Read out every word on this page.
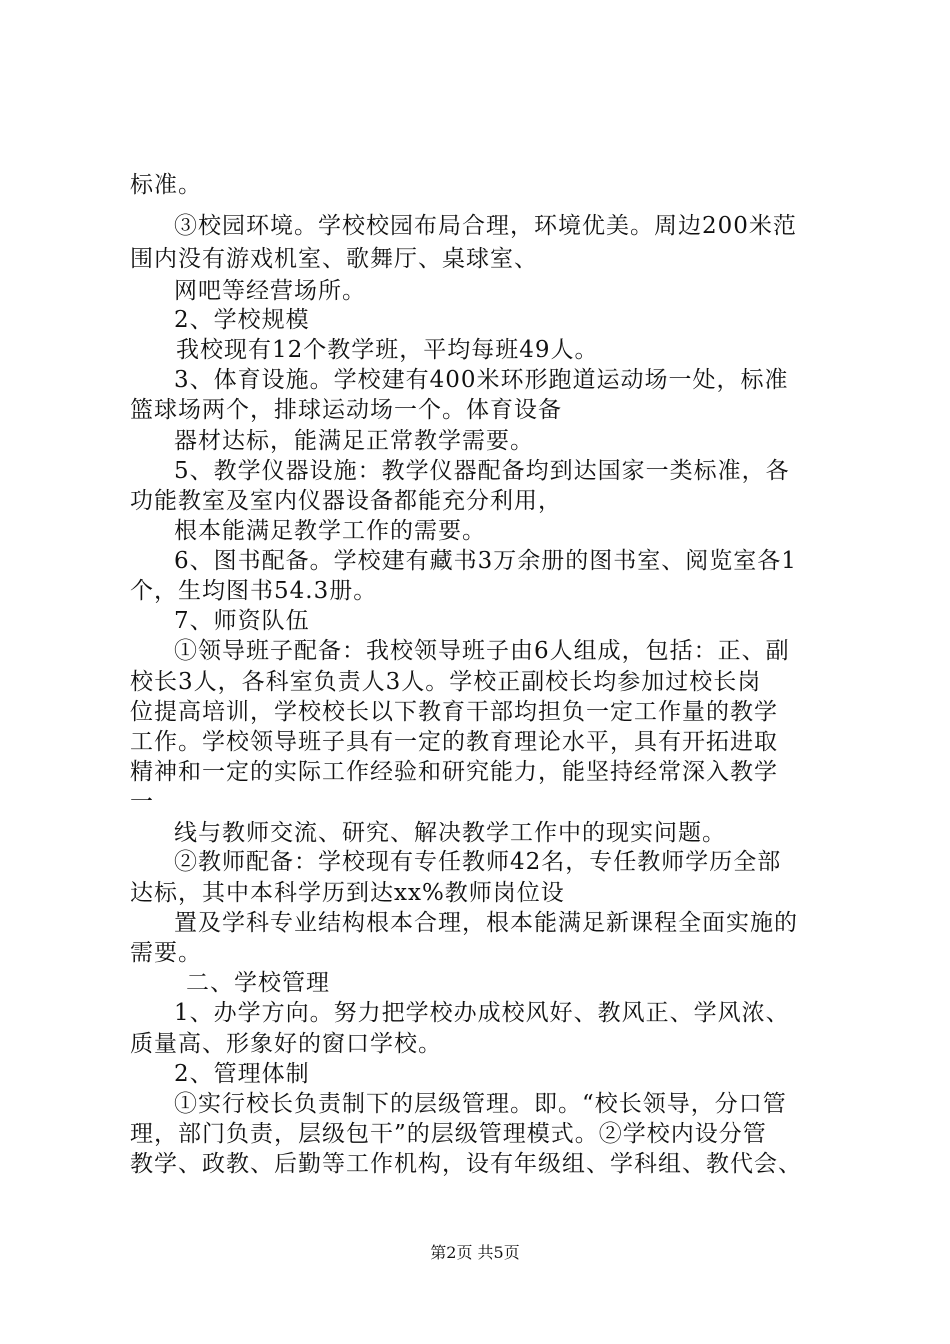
标准。
③校园环境。学校校园布局合理，环境优美。周边200米范
围内没有游戏机室、歌舞厅、桌球室、
网吧等经营场所。
2、学校规模
我校现有12个教学班，平均每班49人。
3、体育设施。学校建有400米环形跑道运动场一处，标准
篮球场两个，排球运动场一个。体育设备
器材达标，能满足正常教学需要。
5、教学仪器设施：教学仪器配备均到达国家一类标准，各
功能教室及室内仪器设备都能充分利用，
根本能满足教学工作的需要。
6、图书配备。学校建有藏书3万余册的图书室、阅览室各1
个，生均图书54.3册。
7、师资队伍
①领导班子配备：我校领导班子由6人组成，包括：正、副
校长3人，各科室负责人3人。学校正副校长均参加过校长岗
位提高培训，学校校长以下教育干部均担负一定工作量的教学
工作。学校领导班子具有一定的教育理论水平，具有开拓进取
精神和一定的实际工作经验和研究能力，能坚持经常深入教学
一
线与教师交流、研究、解决教学工作中的现实问题。
②教师配备：学校现有专任教师42名，专任教师学历全部
达标，其中本科学历到达xx%教师岗位设
置及学科专业结构根本合理，根本能满足新课程全面实施的
需要。
二、学校管理
1、办学方向。努力把学校办成校风好、教风正、学风浓、
质量高、形象好的窗口学校。
2、管理体制
①实行校长负责制下的层级管理。即。“校长领导，分口管
理，部门负责，层级包干”的层级管理模式。②学校内设分管
教学、政教、后勤等工作机构，设有年级组、学科组、教代会、
第2页 共5页
